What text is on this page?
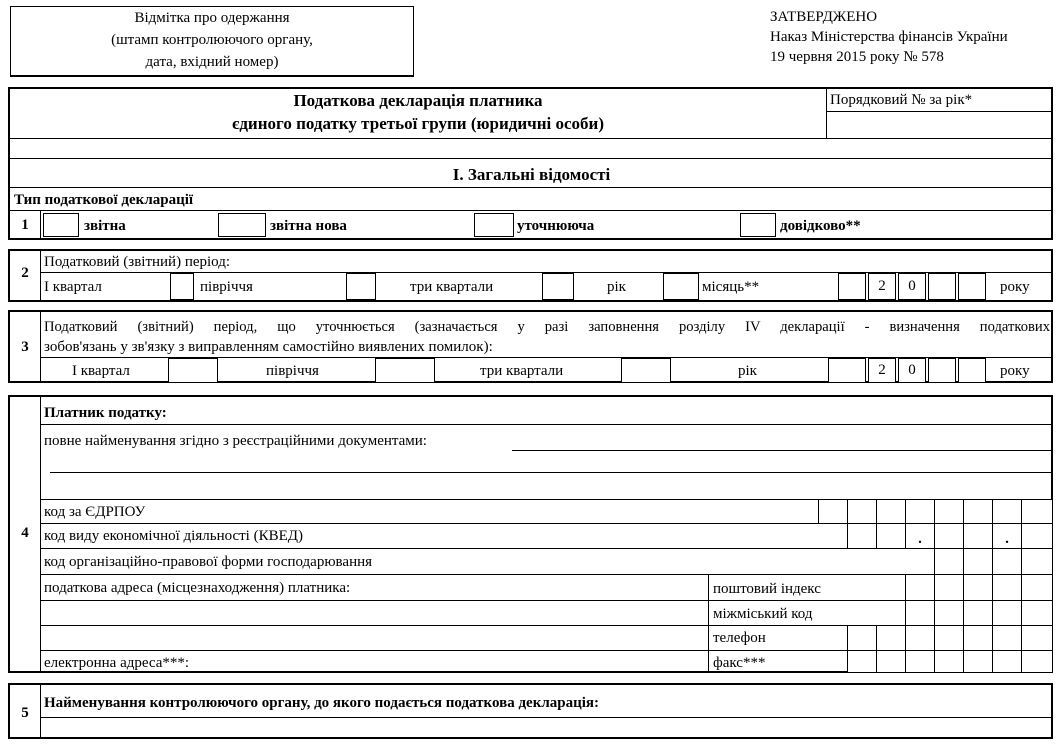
Відмітка про одержання
(штамп контролюючого органу,
дата, вхідний номер)
ЗАТВЕРДЖЕНО
Наказ Міністерства фінансів України
19 червня 2015 року № 578
Податкова декларація платника
єдиного податку третьої групи (юридичні особи)
Порядковий № за рік*
І. Загальні відомості
Тип податкової декларації
1	звітна	звітна нова	уточнююча	довідково**
2
Податковий (звітний) період:
І квартал	півріччя	три квартали	рік	місяць**	2	0	року
3
Податковий (звітний) період, що уточнюється (зазначається у разі заповнення розділу IV декларації - визначення податкових
зобов'язань у зв'язку з виправленням самостійно виявлених помилок):
І квартал	півріччя	три квартали	рік	2	0	року
4
Платник податку:
повне найменування згідно з реєстраційними документами:
код за ЄДРПОУ
код виду економічної діяльності (КВЕД)	.	.
код організаційно-правової форми господарювання
податкова адреса (місцезнаходження) платника:	поштовий індекс
міжміський код
телефон
електронна адреса***:	факс***
5
Найменування контролюючого органу, до якого подається податкова декларація:
